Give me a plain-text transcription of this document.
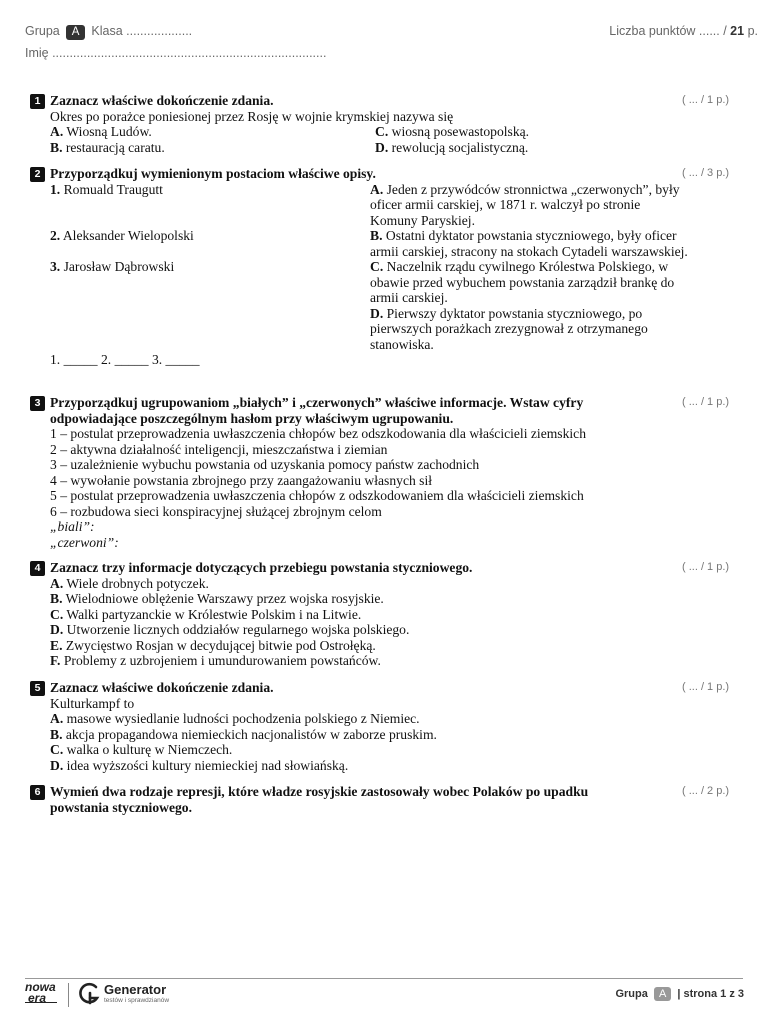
Grupa A Klasa ...................
Imię ...............................................................................
Liczba punktów ...... / 21 p.
1 Zaznacz właściwe dokończenie zdania.
Okres po porażce poniesionej przez Rosję w wojnie krymskiej nazywa się
A. Wiosną Ludów.	C. wiosną posewastopolską.
B. restauracją caratu.	D. rewolucją socjalistyczną.
( ... / 1 p.)
2 Przyporządkuj wymienionym postaciom właściwe opisy.
1. Romuald Traugutt	A. Jeden z przywódców stronnictwa „czerwonych”, były oficer armii carskiej, w 1871 r. walczył po stronie Komuny Paryskiej.
2. Aleksander Wielopolski	B. Ostatni dyktator powstania styczniowego, były oficer armii carskiej, stracony na stokach Cytadeli warszawskiej.
3. Jarosław Dąbrowski	C. Naczelnik rządu cywilnego Królestwa Polskiego, w obawie przed wybuchem powstania zarządził brankę do armii carskiej.
D. Pierwszy dyktator powstania styczniowego, po pierwszych porażkach zrezygnował z otrzymanego stanowiska.
1. _____ 2. _____ 3. _____
( ... / 3 p.)
3 Przyporządkuj ugrupowaniom „białych” i „czerwonych” właściwe informacje. Wstaw cyfry odpowiadające poszczególnym hasłom przy właściwym ugrupowaniu.
1 – postulat przeprowadzenia uwłaszczenia chłopów bez odszkodowania dla właścicieli ziemskich
2 – aktywna działalność inteligencji, mieszczaństwa i ziemian
3 – uzależnienie wybuchu powstania od uzyskania pomocy państw zachodnich
4 – wywołanie powstania zbrojnego przy zaangażowaniu własnych sił
5 – postulat przeprowadzenia uwłaszczenia chłopów z odszkodowaniem dla właścicieli ziemskich
6 – rozbudowa sieci konspiracyjnej służącej zbrojnym celom
„biali”:
„czerwoni”:
( ... / 1 p.)
4 Zaznacz trzy informacje dotyczących przebiegu powstania styczniowego.
A. Wiele drobnych potyczek.
B. Wielodniowe oblężenie Warszawy przez wojska rosyjskie.
C. Walki partyzanckie w Królestwie Polskim i na Litwie.
D. Utworzenie licznych oddziałów regularnego wojska polskiego.
E. Zwycięstwo Rosjan w decydującej bitwie pod Ostrołęką.
F. Problemy z uzbrojeniem i umundurowaniem powstańców.
( ... / 1 p.)
5 Zaznacz właściwe dokończenie zdania.
Kulturkampf to
A. masowe wysiedlanie ludności pochodzenia polskiego z Niemiec.
B. akcja propagandowa niemieckich nacjonalistów w zaborze pruskim.
C. walka o kulturę w Niemczech.
D. idea wyższości kultury niemieckiej nad słowiańską.
( ... / 1 p.)
6 Wymień dwa rodzaje represji, które władze rosyjskie zastosowały wobec Polaków po upadku powstania styczniowego.
( ... / 2 p.)
nowa
era
Generator
testów i sprawdzianów
Grupa A | strona 1 z 3
